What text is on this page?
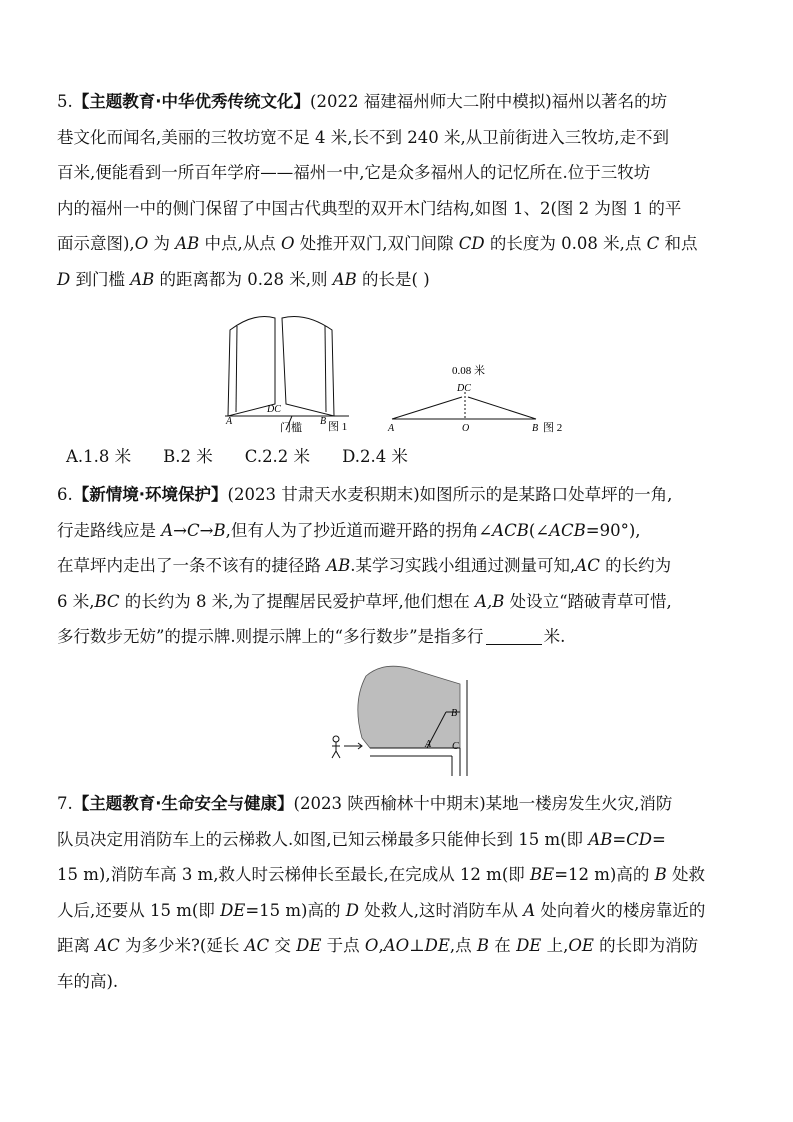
5.【主题教育·中华优秀传统文化】(2022 福建福州师大二附中模拟)福州以著名的坊

巷文化而闻名,美丽的三牧坊宽不足 4 米,长不到 240 米,从卫前街进入三牧坊,走不到

百米,便能看到一所百年学府——福州一中,它是众多福州人的记忆所在.位于三牧坊

内的福州一中的侧门保留了中国古代典型的双开木门结构,如图 1、2(图 2 为图 1 的平

面示意图),O 为 AB 中点,从点 O 处推开双门,双门间隙 CD 的长度为 0.08 米,点 C 和点

D 到门槛 AB 的距离都为 0.28 米,则 AB 的长是( )

A
DC
门槛
B 图 1
0.08 米
DC
A	O	B 图 2
A.1.8 米 B.2 米 C.2.2 米 D.2.4 米

6.【新情境·环境保护】(2023 甘肃天水麦积期末)如图所示的是某路口处草坪的一角,

行走路线应是 A→C→B,但有人为了抄近道而避开路的拐角∠ACB(∠ACB=90°),

在草坪内走出了一条不该有的捷径路 AB.某学习实践小组通过测量可知,AC 的长约为

6 米,BC 的长约为 8 米,为了提醒居民爱护草坪,他们想在 A,B 处设立“踏破青草可惜,

多行数步无妨”的提示牌.则提示牌上的“多行数步”是指多行	米.

A
B
C

7.【主题教育·生命安全与健康】(2023 陕西榆林十中期末)某地一楼房发生火灾,消防

队员决定用消防车上的云梯救人.如图,已知云梯最多只能伸长到 15 m(即 AB=CD=

15 m),消防车高 3 m,救人时云梯伸长至最长,在完成从 12 m(即 BE=12 m)高的 B 处救

人后,还要从 15 m(即 DE=15 m)高的 D 处救人,这时消防车从 A 处向着火的楼房靠近的

距离 AC 为多少米?(延长 AC 交 DE 于点 O,AO⊥DE,点 B 在 DE 上,OE 的长即为消防

车的高).
